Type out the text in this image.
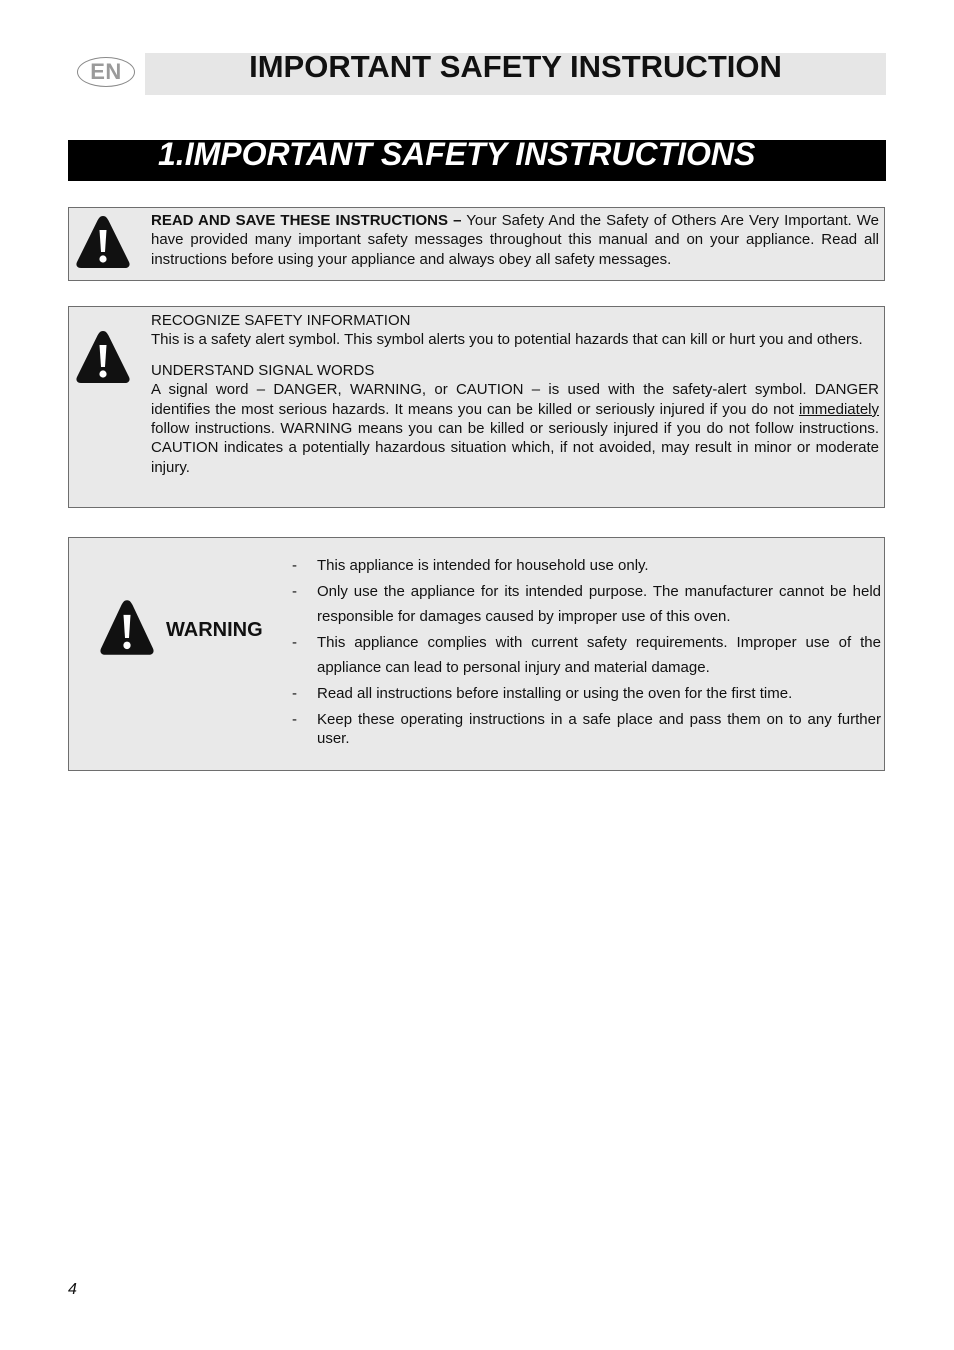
EN	IMPORTANT SAFETY INSTRUCTION
1.IMPORTANT SAFETY INSTRUCTIONS
READ AND SAVE THESE INSTRUCTIONS – Your Safety And the Safety of Others Are Very Important. We have provided many important safety messages throughout this manual and on your appliance. Read all instructions before using your appliance and always obey all safety messages.

RECOGNIZE SAFETY INFORMATION

This is a safety alert symbol. This symbol alerts you to potential hazards that can kill or hurt you and others.

UNDERSTAND SIGNAL WORDS

A signal word – DANGER, WARNING, or CAUTION – is used with the safety-alert symbol. DANGER identifies the most serious hazards. It means you can be killed or seriously injured if you do not immediately follow instructions. WARNING means you can be killed or seriously injured if you do not follow instructions. CAUTION indicates a potentially hazardous situation which, if not avoided, may result in minor or moderate injury.

WARNING
- This appliance is intended for household use only.
- Only use the appliance for its intended purpose. The manufacturer cannot be held responsible for damages caused by improper use of this oven.
- This appliance complies with current safety requirements. Improper use of the appliance can lead to personal injury and material damage.
- Read all instructions before installing or using the oven for the first time.
- Keep these operating instructions in a safe place and pass them on to any further user.
4
